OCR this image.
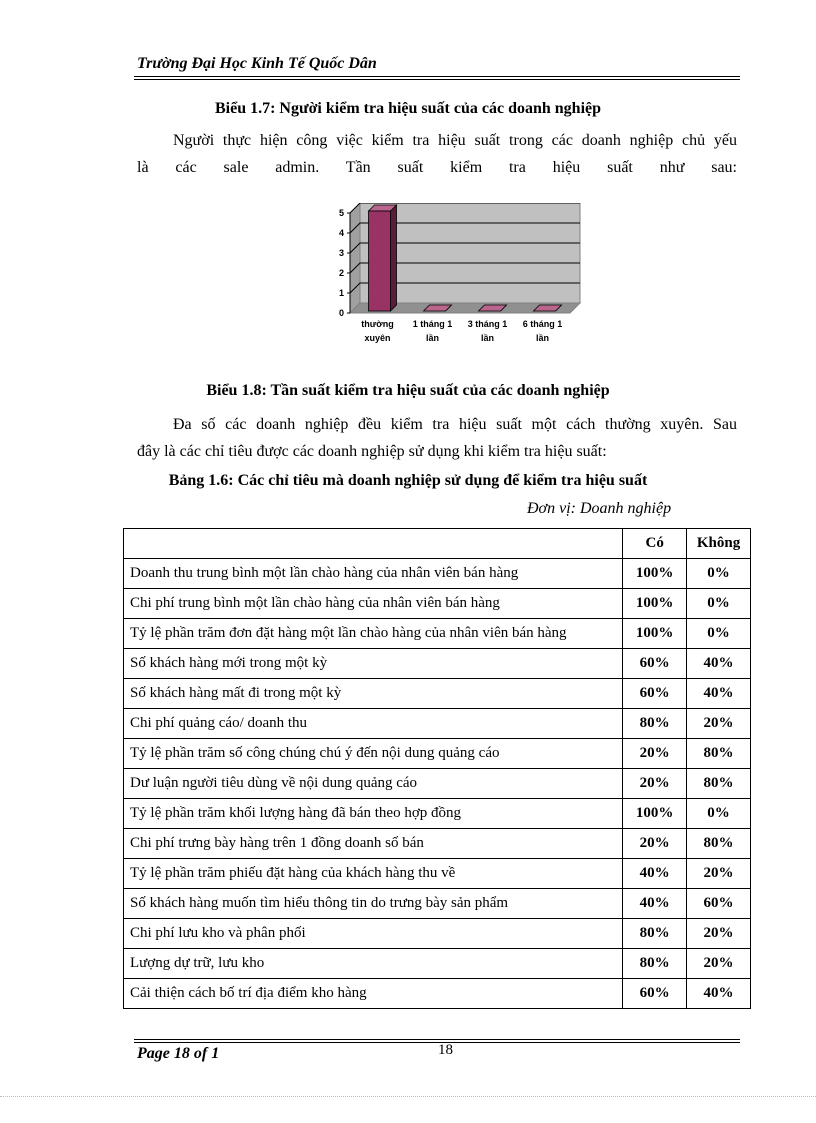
Trường Đại Học Kinh Tế Quốc Dân
Biểu 1.7: Người kiểm tra hiệu suất của các doanh nghiệp
Người thực hiện công việc kiểm tra hiệu suất trong các doanh nghiệp chủ yếu
là các sale admin. Tần suất kiểm tra hiệu suất như sau:
0
1
2
3
4
5
thường
xuyên
1 tháng 1
lần
3 tháng 1
lần
6 tháng 1
lần
Biểu 1.8: Tần suất kiểm tra hiệu suất của các doanh nghiệp
Đa số các doanh nghiệp đều kiểm tra hiệu suất một cách thường xuyên. Sau
đây là các chỉ tiêu được các doanh nghiệp sử dụng khi kiểm tra hiệu suất:
Bảng 1.6: Các chỉ tiêu mà doanh nghiệp sử dụng để kiểm tra hiệu suất
Đơn vị: Doanh nghiệp
	Có	Không
Doanh thu trung bình một lần chào hàng của nhân viên bán hàng	100%	0%
Chi phí trung bình một lần chào hàng của nhân viên bán hàng	100%	0%
Tỷ lệ phần trăm đơn đặt hàng một lần chào hàng của nhân viên bán hàng	100%	0%
Số khách hàng mới trong một kỳ	60%	40%
Số khách hàng mất đi trong một kỳ	60%	40%
Chi phí quảng cáo/ doanh thu	80%	20%
Tỷ lệ phần trăm số công chúng chú ý đến nội dung quảng cáo	20%	80%
Dư luận người tiêu dùng về nội dung quảng cáo	20%	80%
Tỷ lệ phần trăm khối lượng hàng đã bán theo hợp đồng	100%	0%
Chi phí trưng bày hàng trên 1 đồng doanh số bán	20%	80%
Tỷ lệ phần trăm phiếu đặt hàng của khách hàng thu về	40%	20%
Số khách hàng muốn tìm hiểu thông tin do trưng bày sản phẩm	40%	60%
Chi phí lưu kho và phân phối	80%	20%
Lượng dự trữ, lưu kho	80%	20%
Cải thiện cách bố trí địa điểm kho hàng	60%	40%
Page 18 of 1	18
